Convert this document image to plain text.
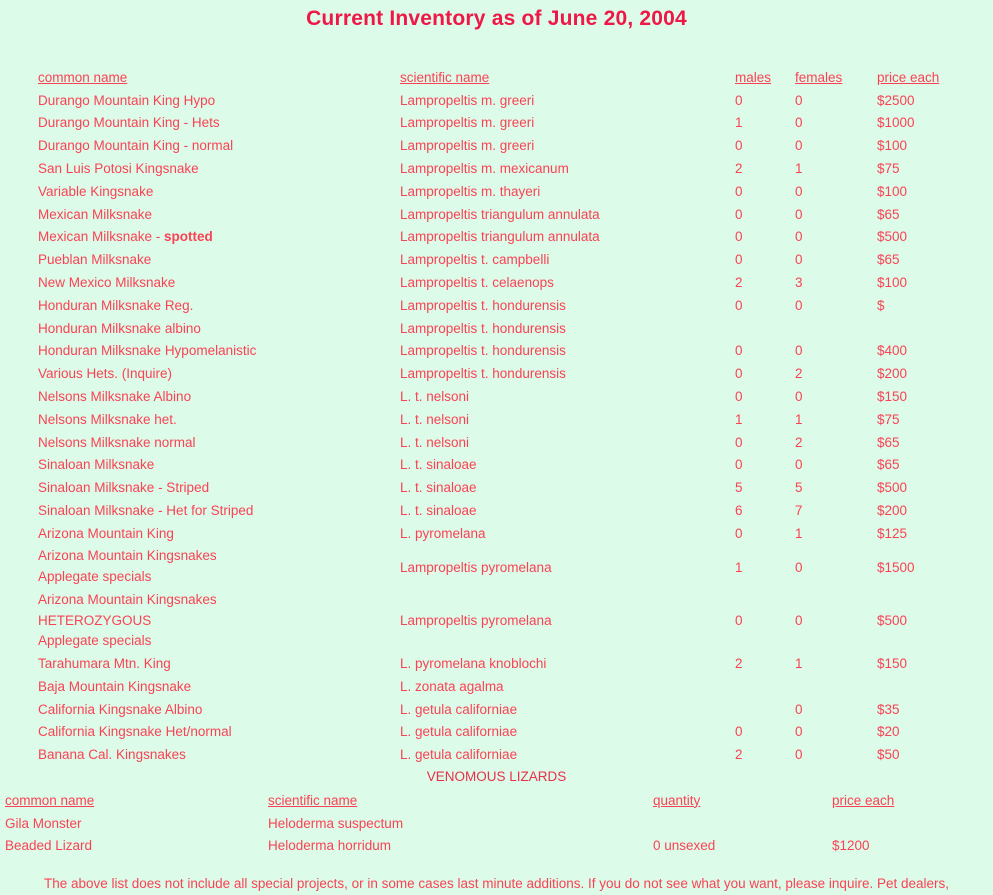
Current Inventory as of June 20, 2004
common name	scientific name	males	females	price each

Durango Mountain King Hypo	Lampropeltis m. greeri	0	0	$2500

Durango Mountain King - Hets	Lampropeltis m. greeri	1	0	$1000

Durango Mountain King - normal	Lampropeltis m. greeri	0	0	$100

San Luis Potosi Kingsnake	Lampropeltis m. mexicanum	2	1	$75

Variable Kingsnake	Lampropeltis m. thayeri	0	0	$100

Mexican Milksnake	Lampropeltis triangulum annulata	0	0	$65

Mexican Milksnake - spotted	Lampropeltis triangulum annulata	0	0	$500

Pueblan Milksnake	Lampropeltis t. campbelli	0	0	$65

New Mexico Milksnake	Lampropeltis t. celaenops	2	3	$100

Honduran Milksnake Reg.	Lampropeltis t. hondurensis	0	0	$

Honduran Milksnake albino	Lampropeltis t. hondurensis			

Honduran Milksnake Hypomelanistic	Lampropeltis t. hondurensis	0	0	$400

Various Hets. (Inquire)	Lampropeltis t. hondurensis	0	2	$200

Nelsons Milksnake Albino	L. t. nelsoni	0	0	$150

Nelsons Milksnake het.	L. t. nelsoni	1	1	$75

Nelsons Milksnake normal	L. t. nelsoni	0	2	$65

Sinaloan Milksnake	L. t. sinaloae	0	0	$65

Sinaloan Milksnake - Striped	L. t. sinaloae	5	5	$500

Sinaloan Milksnake - Het for Striped	L. t. sinaloae	6	7	$200

Arizona Mountain King	L. pyromelana	0	1	$125

Arizona Mountain Kingsnakes
Applegate specials	Lampropeltis pyromelana	1	0	$1500

Arizona Mountain Kingsnakes
HETEROZYGOUS
Applegate specials	Lampropeltis pyromelana	0	0	$500

Tarahumara Mtn. King	L. pyromelana knoblochi	2	1	$150

Baja Mountain Kingsnake	L. zonata agalma			

California Kingsnake Albino	L. getula californiae		0	$35

California Kingsnake Het/normal	L. getula californiae	0	0	$20

Banana Cal. Kingsnakes	L. getula californiae	2	0	$50
VENOMOUS LIZARDS
common name	scientific name	quantity	price each
Gila Monster	Heloderma suspectum		
Beaded Lizard	Heloderma horridum	0 unsexed	$1200
The above list does not include all special projects, or in some cases last minute additions. If you do not see what you want, please inquire. Pet dealers,
